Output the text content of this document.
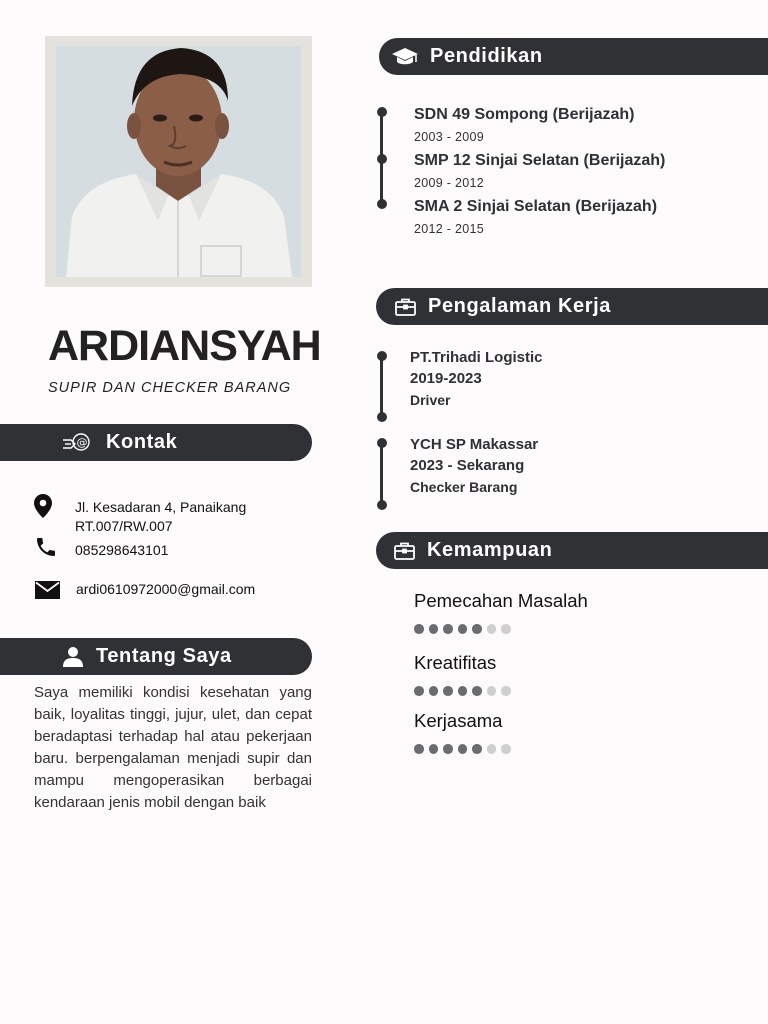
ARDIANSYAH
SUPIR DAN CHECKER BARANG
@ Kontak
Jl. Kesadaran 4, Panaikang
RT.007/RW.007
085298643101
ardi0610972000@gmail.com
Tentang Saya
Saya memiliki kondisi kesehatan yang baik, loyalitas tinggi, jujur, ulet, dan cepat beradaptasi terhadap hal atau pekerjaan baru. berpengalaman menjadi supir dan mampu mengoperasikan berbagai kendaraan jenis mobil dengan baik
Pendidikan
SDN 49 Sompong (Berijazah)
2003 - 2009
SMP 12 Sinjai Selatan (Berijazah)
2009 - 2012
SMA 2 Sinjai Selatan (Berijazah)
2012 - 2015
Pengalaman Kerja
PT.Trihadi Logistic
2019-2023
Driver
YCH SP Makassar
2023 - Sekarang
Checker Barang
Kemampuan
Pemecahan Masalah
Kreatifitas
Kerjasama
